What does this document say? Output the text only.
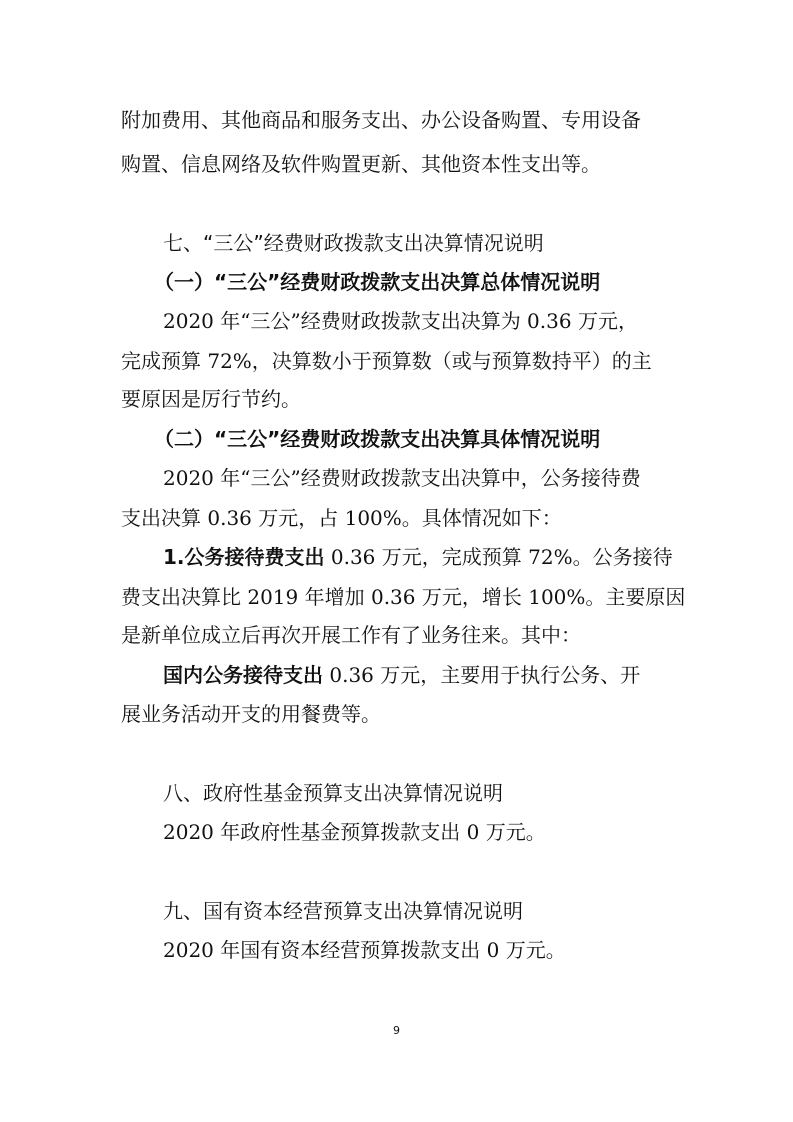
附加费用、其他商品和服务支出、办公设备购置、专用设备
购置、信息网络及软件购置更新、其他资本性支出等。
七、“三公”经费财政拨款支出决算情况说明
（一）“三公”经费财政拨款支出决算总体情况说明
2020 年“三公”经费财政拨款支出决算为 0.36 万元，
完成预算 72%，决算数小于预算数（或与预算数持平）的主
要原因是厉行节约。
（二）“三公”经费财政拨款支出决算具体情况说明
2020 年“三公”经费财政拨款支出决算中，公务接待费
支出决算 0.36 万元，占 100%。具体情况如下：
1.公务接待费支出 0.36 万元，完成预算 72%。公务接待
费支出决算比 2019 年增加 0.36 万元，增长 100%。主要原因
是新单位成立后再次开展工作有了业务往来。其中：
国内公务接待支出 0.36 万元，主要用于执行公务、开
展业务活动开支的用餐费等。
八、政府性基金预算支出决算情况说明
2020 年政府性基金预算拨款支出 0 万元。
九、国有资本经营预算支出决算情况说明
2020 年国有资本经营预算拨款支出 0 万元。
9
